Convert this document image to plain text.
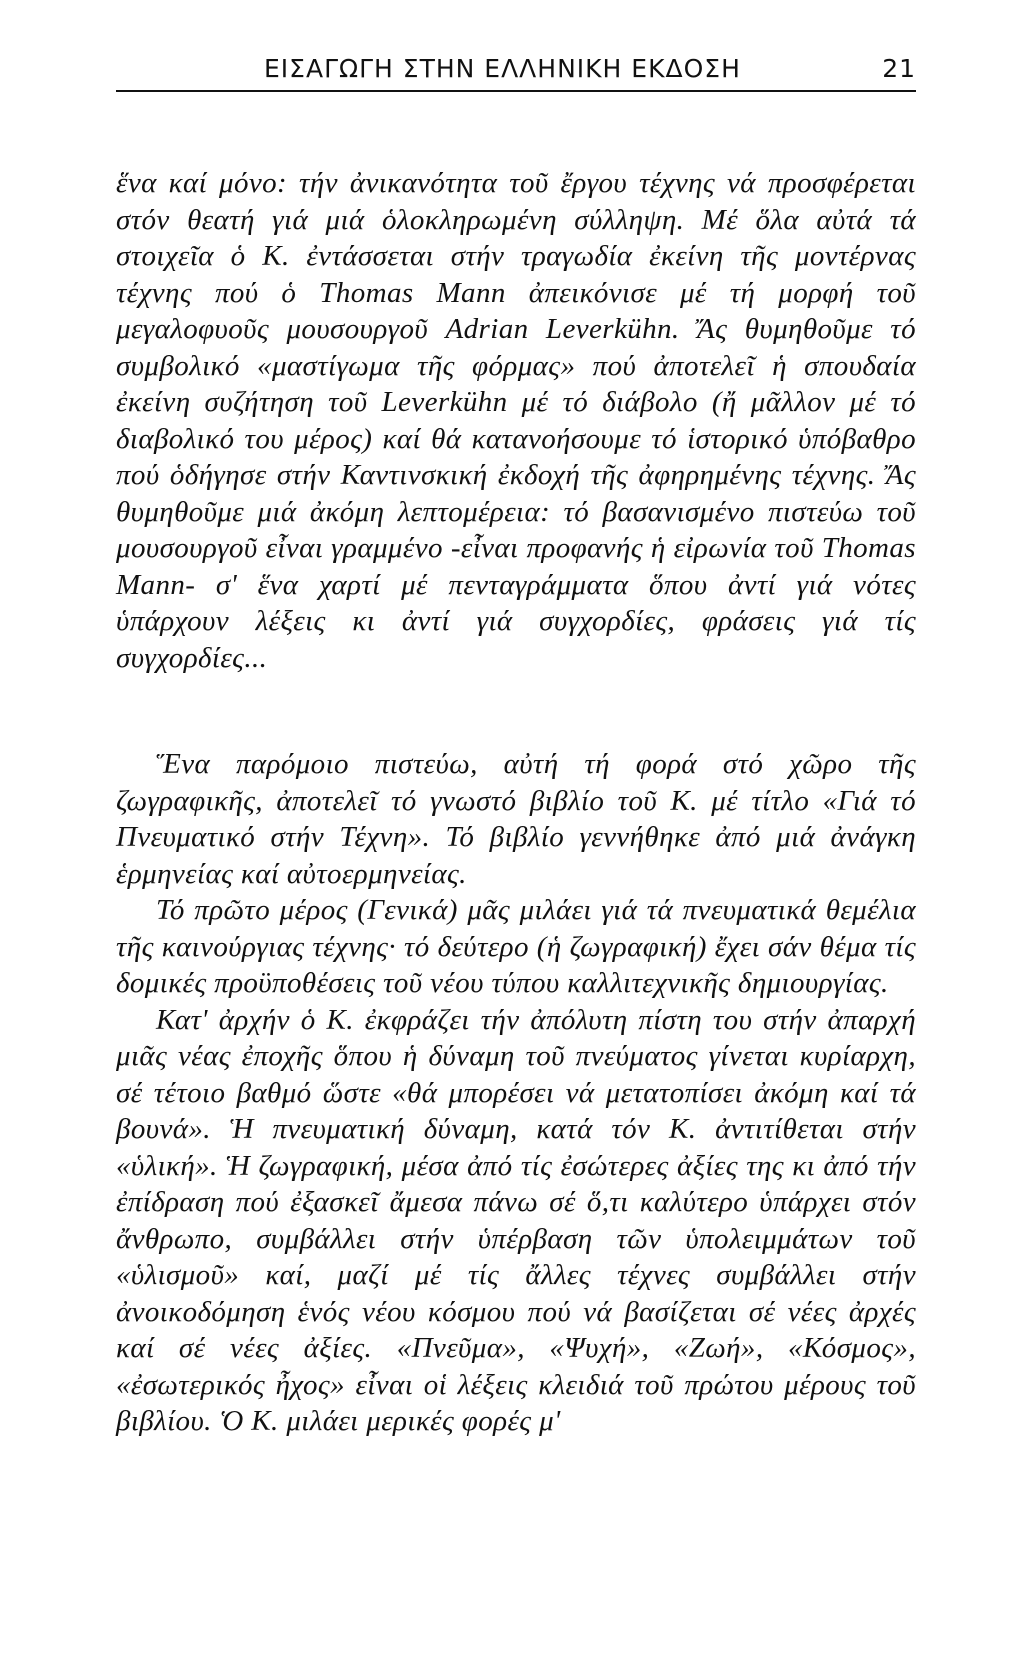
ΕΙΣΑΓΩΓΗ ΣΤΗΝ ΕΛΛΗΝΙΚΗ ΕΚΔΟΣΗ	21

ἕνα καί μόνο: τήν ἀνικανότητα τοῦ ἔργου τέχνης νά προσφέρεται στόν θεατή γιά μιά ὁλοκληρωμένη σύλληψη. Μέ ὅλα αὐτά τά στοιχεῖα ὁ Κ. ἐντάσσεται στήν τραγωδία ἐκείνη τῆς μοντέρνας τέχνης πού ὁ Thomas Mann ἀπεικόνισε μέ τή μορφή τοῦ μεγαλοφυοῦς μουσουργοῦ Adrian Leverkühn. Ἄς θυμηθοῦμε τό συμβολικό «μαστίγωμα τῆς φόρμας» πού ἀποτελεῖ ἡ σπουδαία ἐκείνη συζήτηση τοῦ Leverkühn μέ τό διάβολο (ἤ μᾶλλον μέ τό διαβολικό του μέρος) καί θά κατανοήσουμε τό ἱστορικό ὑπόβαθρο πού ὁδήγησε στήν Καντινσκική ἐκδοχή τῆς ἀφηρημένης τέχνης. Ἄς θυμηθοῦμε μιά ἀκόμη λεπτομέρεια: τό βασανισμένο πιστεύω τοῦ μουσουργοῦ εἶναι γραμμένο -εἶναι προφανής ἡ εἰρωνία τοῦ Thomas Mann- σ' ἕνα χαρτί μέ πενταγράμματα ὅπου ἀντί γιά νότες ὑπάρχουν λέξεις κι ἀντί γιά συγχορδίες, φράσεις γιά τίς συγχορδίες...

Ἕνα παρόμοιο πιστεύω, αὐτή τή φορά στό χῶρο τῆς ζωγραφικῆς, ἀποτελεῖ τό γνωστό βιβλίο τοῦ Κ. μέ τίτλο «Γιά τό Πνευματικό στήν Τέχνη». Τό βιβλίο γεννήθηκε ἀπό μιά ἀνάγκη ἑρμηνείας καί αὐτοερμηνείας.

Τό πρῶτο μέρος (Γενικά) μᾶς μιλάει γιά τά πνευματικά θεμέλια τῆς καινούργιας τέχνης· τό δεύτερο (ἡ ζωγραφική) ἔχει σάν θέμα τίς δομικές προϋποθέσεις τοῦ νέου τύπου καλλιτεχνικῆς δημιουργίας.

Κατ' ἀρχήν ὁ Κ. ἐκφράζει τήν ἀπόλυτη πίστη του στήν ἀπαρχή μιᾶς νέας ἐποχῆς ὅπου ἡ δύναμη τοῦ πνεύματος γίνεται κυρίαρχη, σέ τέτοιο βαθμό ὥστε «θά μπορέσει νά μετατοπίσει ἀκόμη καί τά βουνά». Ἡ πνευματική δύναμη, κατά τόν Κ. ἀντιτίθεται στήν «ὑλική». Ἡ ζωγραφική, μέσα ἀπό τίς ἐσώτερες ἀξίες της κι ἀπό τήν ἐπίδραση πού ἐξασκεῖ ἄμεσα πάνω σέ ὅ,τι καλύτερο ὑπάρχει στόν ἄνθρωπο, συμβάλλει στήν ὑπέρβαση τῶν ὑπολειμμάτων τοῦ «ὑλισμοῦ» καί, μαζί μέ τίς ἄλλες τέχνες συμβάλλει στήν ἀνοικοδόμηση ἑνός νέου κόσμου πού νά βασίζεται σέ νέες ἀρχές καί σέ νέες ἀξίες. «Πνεῦμα», «Ψυχή», «Ζωή», «Κόσμος», «ἐσωτερικός ἦχος» εἶναι οἱ λέξεις κλειδιά τοῦ πρώτου μέρους τοῦ βιβλίου. Ὁ Κ. μιλάει μερικές φορές μ'
